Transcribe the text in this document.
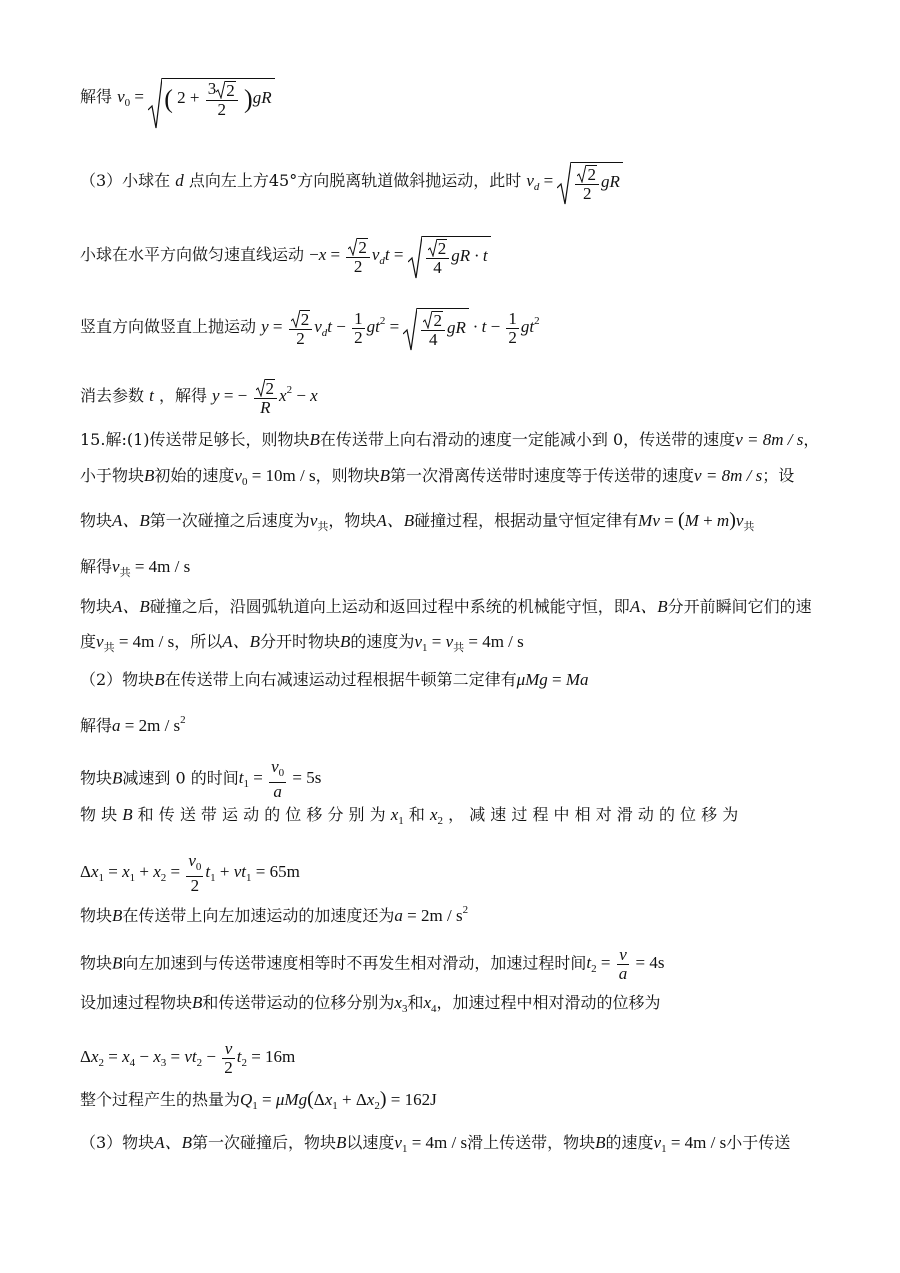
解得 $v_0$ = ( $2 + \frac{3 2}{2} )gR$
（3）小球在 d 点向左上方45°方向脱离轨道做斜抛运动，此时 $v_d = \frac{2}{2}$ gR
小球在水平方向做匀速直线运动 $-x = \frac{2}{2} v_dt = \frac{2}{4}$ gR · t
竖直方向做竖直上抛运动 $y = \frac{2}{2} v_dt - \frac{1}{2} gt^2 = \frac{2}{4}$ gR · $t - \frac{1}{2} gt^2$
消去参数 t ，解得 y = − $\frac{2}{R} x^2 - x$
15.解:(1)传送带足够长，则物块B在传送带上向右滑动的速度一定能减小到 0，传送带的速度v = 8m / s，
小于物块B初始的速度$v_0 = 10m / s$，则物块B第一次滑离传送带时速度等于传送带的速度v = 8m / s；设
物块A、B第一次碰撞之后速度为$v_共$，物块A、B碰撞过程，根据动量守恒定律有$Mv = (M + m)v_共$
解得$v_共 = 4m / s$
物块A、B碰撞之后，沿圆弧轨道向上运动和返回过程中系统的机械能守恒，即A、B分开前瞬间它们的速
度$v_共 = 4m / s$，所以A、B分开时物块B的速度为$v_1 = v_共 = 4m / s$
（2）物块B在传送带上向右减速运动过程根据牛顿第二定律有μMg = Ma
解得$a = 2m / s^2$
物块B减速到 0 的时间$t_1 = \frac{v_0}{a} = 5s$
物 块 B 和 传 送 带 运 动 的 位 移 分 别 为 $x_1$ 和 $x_2$ ， 减 速 过 程 中 相 对 滑 动 的 位 移 为
$\Delta x_1 = x_1 + x_2 = \frac{v_0}{2} t_1 + vt_1 = 65m$
物块B在传送带上向左加速运动的加速度还为$a = 2m / s^2$
物块B向左加速到与传送带速度相等时不再发生相对滑动，加速过程时间$t_2 = \frac{v}{a} = 4s$
设加速过程物块B和传送带运动的位移分别为$x_3$和$x_4$，加速过程中相对滑动的位移为
$\Delta x_2 = x_4 - x_3 = vt_2 - \frac{v}{2} t_2 = 16m$
整个过程产生的热量为$Q_1 = \mu Mg(\Delta x_1 + \Delta x_2) = 162J$
（3）物块A、B第一次碰撞后，物块B以速度$v_1 = 4m / s$滑上传送带，物块B的速度$v_1 = 4m / s$小于传送
